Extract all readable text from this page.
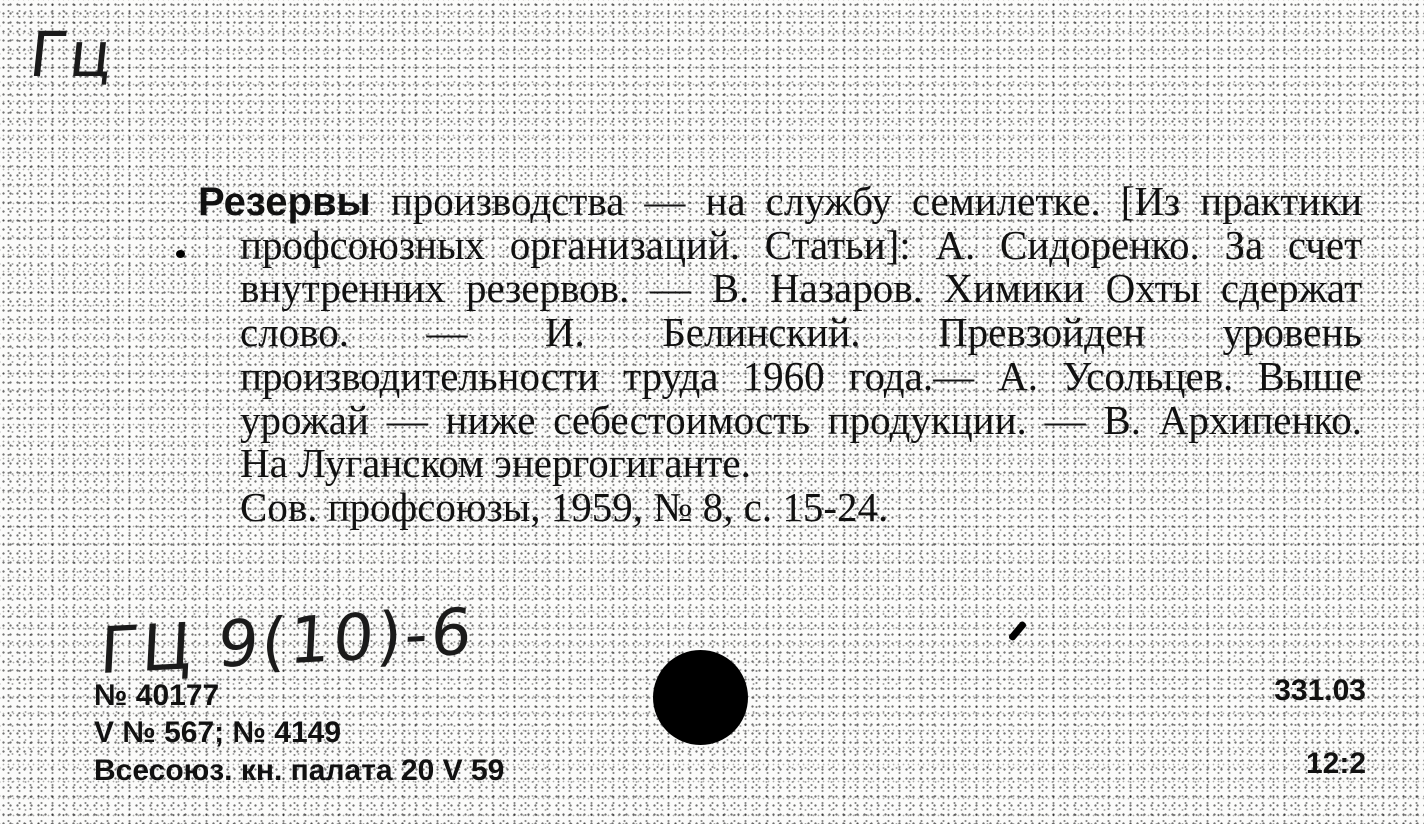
Гц

Резервы производства — на службу семилетке. [Из практики профсоюзных организаций. Статьи]: А. Сидоренко. За счет внутренних резервов. — В. Назаров. Химики Охты сдержат слово. — И. Белинский. Превзойден уровень производительности труда 1960 года.— А. Усольцев. Выше урожай — ниже себестоимость продукции. — В. Архипенко. На Луганском энергогиганте.

Сов. профсоюзы, 1959, № 8, с. 15-24.

ГЦ 9(10)-6
№ 40177
V № 567; № 4149
Всесоюз. кн. палата 20 V 59
331.03
12:2
